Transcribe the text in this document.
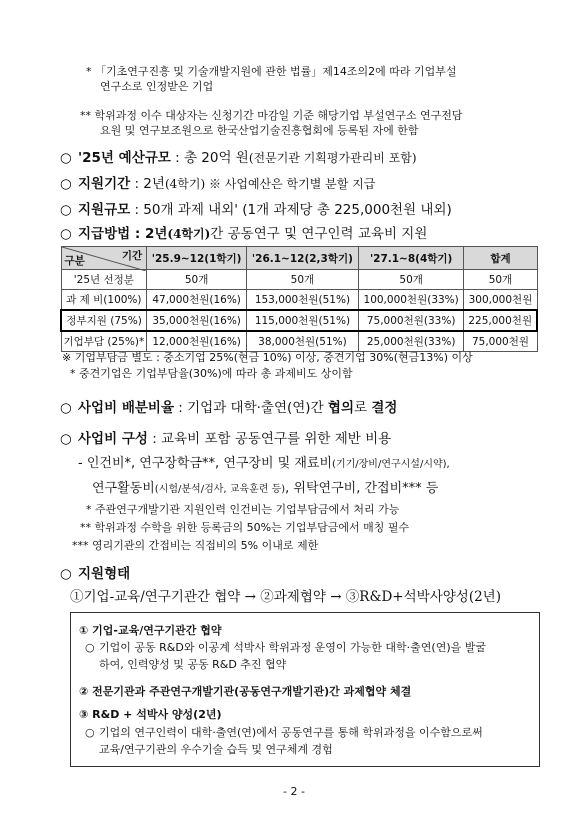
* 「기초연구진흥 및 기술개발지원에 관한 법률」제14조의2에 따라 기업부설
연구소로 인정받은 기업
** 학위과정 이수 대상자는 신청기간 마감일 기준 해당기업 부설연구소 연구전담
요원 및 연구보조원으로 한국산업기술진흥협회에 등록된 자에 한함
○ '25년 예산규모 : 총 20억 원(전문기관 기획평가관리비 포함)
○ 지원기간 : 2년(4학기) ※ 사업예산은 학기별 분할 지급
○ 지원규모 : 50개 과제 내외' (1개 과제당 총 225,000천원 내외)
○ 지급방법 : 2년(4학기)간 공동연구 및 연구인력 교육비 지원
기간
구분	'25.9~12(1학기)	'26.1~12(2,3학기)	'27.1~8(4학기)	합계
'25년 선정분	50개	50개	50개	50개
과 제 비(100%)	47,000천원(16%)	153,000천원(51%)	100,000천원(33%)	300,000천원
정부지원 (75%)	35,000천원(16%)	115,000천원(51%)	75,000천원(33%)	225,000천원
기업부담 (25%)*	12,000천원(16%)	38,000천원(51%)	25,000천원(33%)	75,000천원
※ 기업부담금 별도 : 중소기업 25%(현금 10%) 이상, 중견기업 30%(현금13%) 이상
* 중견기업은 기업부담율(30%)에 따라 총 과제비도 상이함
○ 사업비 배분비율 : 기업과 대학·출연(연)간 협의로 결정
○ 사업비 구성 : 교육비 포함 공동연구를 위한 제반 비용
- 인건비*, 연구장학금**, 연구장비 및 재료비(기기/장비/연구시설/시약),
연구활동비(시험/분석/검사, 교육훈련 등), 위탁연구비, 간접비*** 등
* 주관연구개발기관 지원인력 인건비는 기업부담금에서 처리 가능
** 학위과정 수학을 위한 등록금의 50%는 기업부담금에서 매칭 필수
*** 영리기관의 간접비는 직접비의 5% 이내로 제한
○ 지원형태
①기업-교육/연구기관간 협약 → ②과제협약 → ③R&D+석박사양성(2년)
① 기업-교육/연구기관간 협약
○ 기업이 공동 R&D와 이공계 석박사 학위과정 운영이 가능한 대학·출연(연)을 발굴
하여, 인력양성 및 공동 R&D 추진 협약
② 전문기관과 주관연구개발기관(공동연구개발기관)간 과제협약 체결
③ R&D + 석박사 양성(2년)
○ 기업의 연구인력이 대학·출연(연)에서 공동연구를 통해 학위과정을 이수함으로써
교육/연구기관의 우수기술 습득 및 연구체계 경험
- 2 -
